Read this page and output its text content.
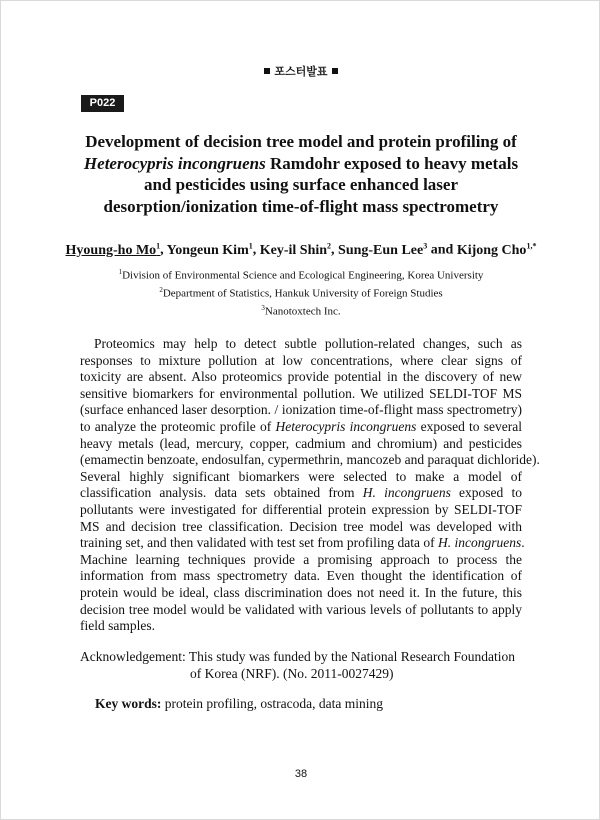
포스터발표
P022
Development of decision tree model and protein profiling of
Heterocypris incongruens Ramdohr exposed to heavy metals
and pesticides using surface enhanced laser
desorption/ionization time-of-flight mass spectrometry
Hyoung-ho Mo$^1$, Yongeun Kim$^1$, Key-il Shin$^2$, Sung-Eun Lee$^3$ and Kijong Cho$^{1,*}$
$^1$Division of Environmental Science and Ecological Engineering, Korea University
$^2$Department of Statistics, Hankuk University of Foreign Studies
$^3$Nanotoxtech Inc.
Proteomics may help to detect subtle pollution-related changes, such as
responses to mixture pollution at low concentrations, where clear signs of
toxicity are absent. Also proteomics provide potential in the discovery of new
sensitive biomarkers for environmental pollution. We utilized SELDI-TOF MS
(surface enhanced laser desorption. / ionization time-of-flight mass spectrometry)
to analyze the proteomic profile of Heterocypris incongruens exposed to several
heavy metals (lead, mercury, copper, cadmium and chromium) and pesticides
(emamectin benzoate, endosulfan, cypermethrin, mancozeb and paraquat dichloride).
Several highly significant biomarkers were selected to make a model of
classification analysis. data sets obtained from H. incongruens exposed to
pollutants were investigated for differential protein expression by SELDI-TOF
MS and decision tree classification. Decision tree model was developed with
training set, and then validated with test set from profiling data of H. incongruens.
Machine learning techniques provide a promising approach to process the
information from mass spectrometry data. Even thought the identification of
protein would be ideal, class discrimination does not need it. In the future, this
decision tree model would be validated with various levels of pollutants to apply
field samples.
Acknowledgement: This study was funded by the National Research Foundation
of Korea (NRF). (No. 2011-0027429)
Key words: protein profiling, ostracoda, data mining
38
